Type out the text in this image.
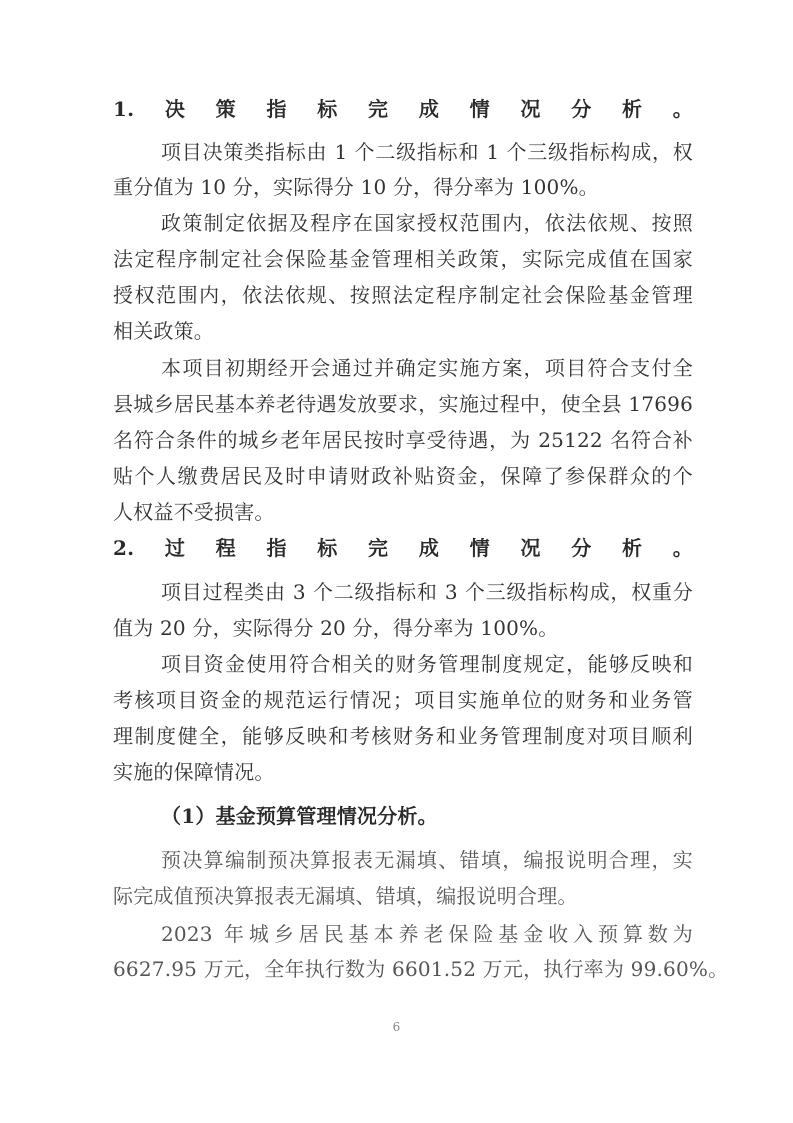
1.决策指标完成情况分析。
项目决策类指标由 1 个二级指标和 1 个三级指标构成，权
重分值为 10 分，实际得分 10 分，得分率为 100%。
政策制定依据及程序在国家授权范围内，依法依规、按照
法定程序制定社会保险基金管理相关政策，实际完成值在国家
授权范围内，依法依规、按照法定程序制定社会保险基金管理
相关政策。
本项目初期经开会通过并确定实施方案，项目符合支付全
县城乡居民基本养老待遇发放要求，实施过程中，使全县 17696
名符合条件的城乡老年居民按时享受待遇，为 25122 名符合补
贴个人缴费居民及时申请财政补贴资金，保障了参保群众的个
人权益不受损害。
2.过程指标完成情况分析。
项目过程类由 3 个二级指标和 3 个三级指标构成，权重分
值为 20 分，实际得分 20 分，得分率为 100%。
项目资金使用符合相关的财务管理制度规定，能够反映和
考核项目资金的规范运行情况；项目实施单位的财务和业务管
理制度健全，能够反映和考核财务和业务管理制度对项目顺利
实施的保障情况。
（1）基金预算管理情况分析。
预决算编制预决算报表无漏填、错填，编报说明合理，实
际完成值预决算报表无漏填、错填，编报说明合理。
2023 年城乡居民基本养老保险基金收入预算数为
6627.95 万元，全年执行数为 6601.52 万元，执行率为 99.60%。
6
